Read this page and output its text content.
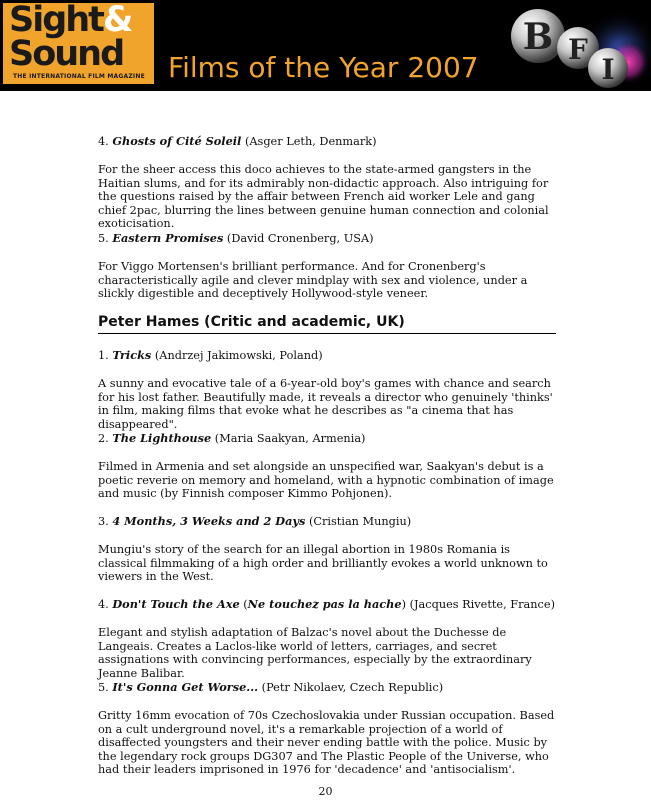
Sight&
Sound
THE INTERNATIONAL FILM MAGAZINE Films of the Year 2007
B F
I

4. Ghosts of Cité Soleil (Asger Leth, Denmark)

For the sheer access this doco achieves to the state-armed gangsters in the Haitian slums, and for its admirably non-didactic approach. Also intriguing for the questions raised by the affair between French aid worker Lele and gang chief 2pac, blurring the lines between genuine human connection and colonial exoticisation.

5. Eastern Promises (David Cronenberg, USA)

For Viggo Mortensen's brilliant performance. And for Cronenberg's characteristically agile and clever mindplay with sex and violence, under a slickly digestible and deceptively Hollywood-style veneer.

Peter Hames (Critic and academic, UK)

1. Tricks (Andrzej Jakimowski, Poland)

A sunny and evocative tale of a 6-year-old boy's games with chance and search for his lost father. Beautifully made, it reveals a director who genuinely 'thinks' in film, making films that evoke what he describes as "a cinema that has disappeared".

2. The Lighthouse (Maria Saakyan, Armenia)

Filmed in Armenia and set alongside an unspecified war, Saakyan's debut is a poetic reverie on memory and homeland, with a hypnotic combination of image and music (by Finnish composer Kimmo Pohjonen).

3. 4 Months, 3 Weeks and 2 Days (Cristian Mungiu)

Mungiu's story of the search for an illegal abortion in 1980s Romania is classical filmmaking of a high order and brilliantly evokes a world unknown to viewers in the West.

4. Don't Touch the Axe (Ne touchez pas la hache) (Jacques Rivette, France)

Elegant and stylish adaptation of Balzac's novel about the Duchesse de Langeais. Creates a Laclos-like world of letters, carriages, and secret assignations with convincing performances, especially by the extraordinary Jeanne Balibar.

5. It's Gonna Get Worse... (Petr Nikolaev, Czech Republic)

Gritty 16mm evocation of 70s Czechoslovakia under Russian occupation. Based on a cult underground novel, it's a remarkable projection of a world of disaffected youngsters and their never ending battle with the police. Music by the legendary rock groups DG307 and The Plastic People of the Universe, who had their leaders imprisoned in 1976 for 'decadence' and 'antisocialism'.

20
